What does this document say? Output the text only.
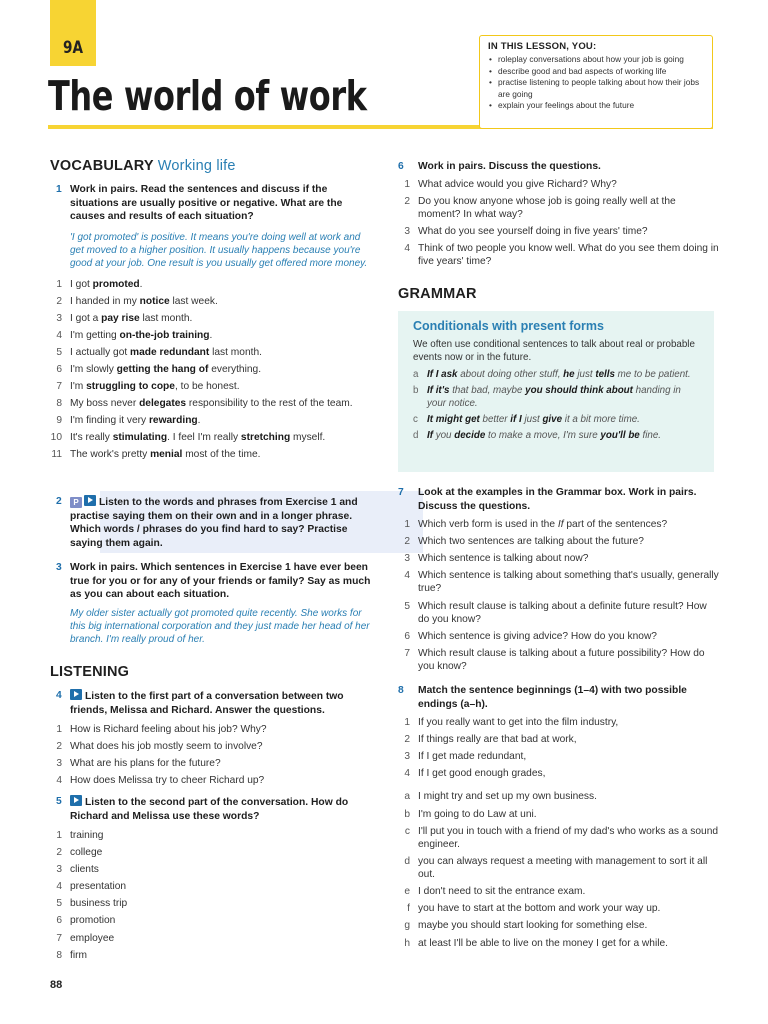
9A
The world of work
IN THIS LESSON, YOU:
• roleplay conversations about how your job is going
• describe good and bad aspects of working life
• practise listening to people talking about how their jobs are going
• explain your feelings about the future
VOCABULARY Working life
1 Work in pairs. Read the sentences and discuss if the situations are usually positive or negative. What are the causes and results of each situation?
'I got promoted' is positive. It means you're doing well at work and get moved to a higher position. It usually happens because you're good at your job. One result is you usually get offered more money.
1 I got promoted.
2 I handed in my notice last week.
3 I got a pay rise last month.
4 I'm getting on-the-job training.
5 I actually got made redundant last month.
6 I'm slowly getting the hang of everything.
7 I'm struggling to cope, to be honest.
8 My boss never delegates responsibility to the rest of the team.
9 I'm finding it very rewarding.
10 It's really stimulating. I feel I'm really stretching myself.
11 The work's pretty menial most of the time.
2	P Listen to the words and phrases from Exercise 1 and practise saying them on their own and in a longer phrase. Which words / phrases do you find hard to say? Practise saying them again.
3 Work in pairs. Which sentences in Exercise 1 have ever been true for you or for any of your friends or family? Say as much as you can about each situation.
My older sister actually got promoted quite recently. She works for this big international corporation and they just made her head of her branch. I'm really proud of her.
LISTENING
4	Listen to the first part of a conversation between two friends, Melissa and Richard. Answer the questions.
1 How is Richard feeling about his job? Why?
2 What does his job mostly seem to involve?
3 What are his plans for the future?
4 How does Melissa try to cheer Richard up?
5	Listen to the second part of the conversation. How do Richard and Melissa use these words?
1 training
2 college
3 clients
4 presentation
5 business trip
6 promotion
7 employee
8 firm
6	Work in pairs. Discuss the questions.
1 What advice would you give Richard? Why?
2 Do you know anyone whose job is going really well at the moment? In what way?
3 What do you see yourself doing in five years' time?
4 Think of two people you know well. What do you see them doing in five years' time?
GRAMMAR
Conditionals with present forms
We often use conditional sentences to talk about real or probable events now or in the future.
a If I ask about doing other stuff, he just tells me to be patient.
b If it's that bad, maybe you should think about handing in your notice.
c It might get better if I just give it a bit more time.
d If you decide to make a move, I'm sure you'll be fine.
7	Look at the examples in the Grammar box. Work in pairs. Discuss the questions.
1 Which verb form is used in the If part of the sentences?
2 Which two sentences are talking about the future?
3 Which sentence is talking about now?
4 Which sentence is talking about something that's usually, generally true?
5 Which result clause is talking about a definite future result? How do you know?
6 Which sentence is giving advice? How do you know?
7 Which result clause is talking about a future possibility? How do you know?
8	Match the sentence beginnings (1–4) with two possible endings (a–h).
1 If you really want to get into the film industry,
2 If things really are that bad at work,
3 If I get made redundant,
4 If I get good enough grades,
a I might try and set up my own business.
b I'm going to do Law at uni.
c I'll put you in touch with a friend of my dad's who works as a sound engineer.
d you can always request a meeting with management to sort it all out.
e I don't need to sit the entrance exam.
f you have to start at the bottom and work your way up.
g maybe you should start looking for something else.
h at least I'll be able to live on the money I get for a while.
88
